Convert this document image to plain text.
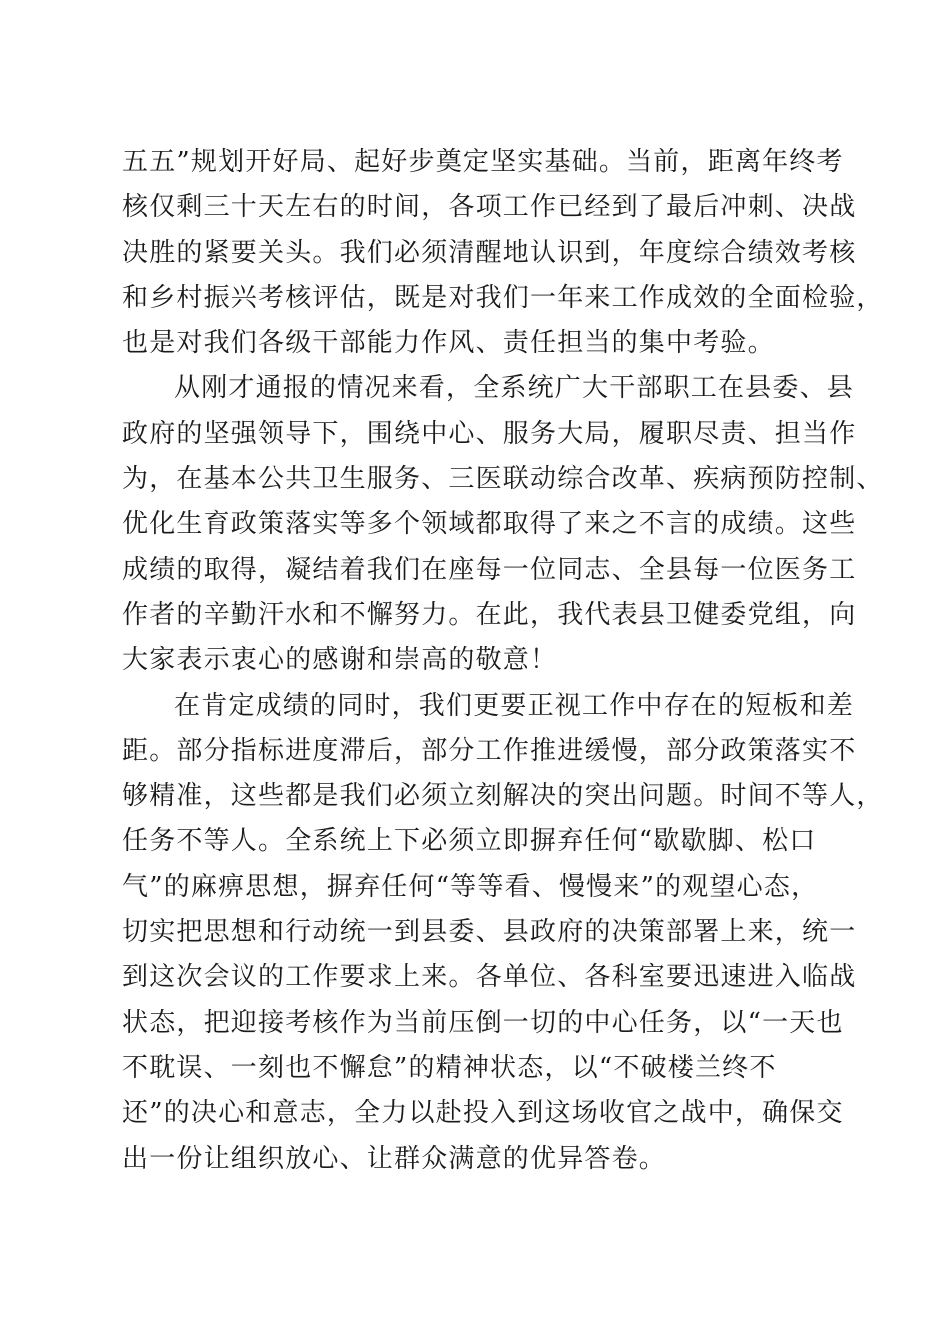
五五”规划开好局、起好步奠定坚实基础。当前，距离年终考
核仅剩三十天左右的时间，各项工作已经到了最后冲刺、决战
决胜的紧要关头。我们必须清醒地认识到，年度综合绩效考核
和乡村振兴考核评估，既是对我们一年来工作成效的全面检验，
也是对我们各级干部能力作风、责任担当的集中考验。
从刚才通报的情况来看，全系统广大干部职工在县委、县
政府的坚强领导下，围绕中心、服务大局，履职尽责、担当作
为，在基本公共卫生服务、三医联动综合改革、疾病预防控制、
优化生育政策落实等多个领域都取得了来之不言的成绩。这些
成绩的取得，凝结着我们在座每一位同志、全县每一位医务工
作者的辛勤汗水和不懈努力。在此，我代表县卫健委党组，向
大家表示衷心的感谢和崇高的敬意！
在肯定成绩的同时，我们更要正视工作中存在的短板和差
距。部分指标进度滞后，部分工作推进缓慢，部分政策落实不
够精准，这些都是我们必须立刻解决的突出问题。时间不等人，
任务不等人。全系统上下必须立即摒弃任何“歇歇脚、松口
气”的麻痹思想，摒弃任何“等等看、慢慢来”的观望心态，
切实把思想和行动统一到县委、县政府的决策部署上来，统一
到这次会议的工作要求上来。各单位、各科室要迅速进入临战
状态，把迎接考核作为当前压倒一切的中心任务，以“一天也
不耽误、一刻也不懈怠”的精神状态，以“不破楼兰终不
还”的决心和意志，全力以赴投入到这场收官之战中，确保交
出一份让组织放心、让群众满意的优异答卷。
